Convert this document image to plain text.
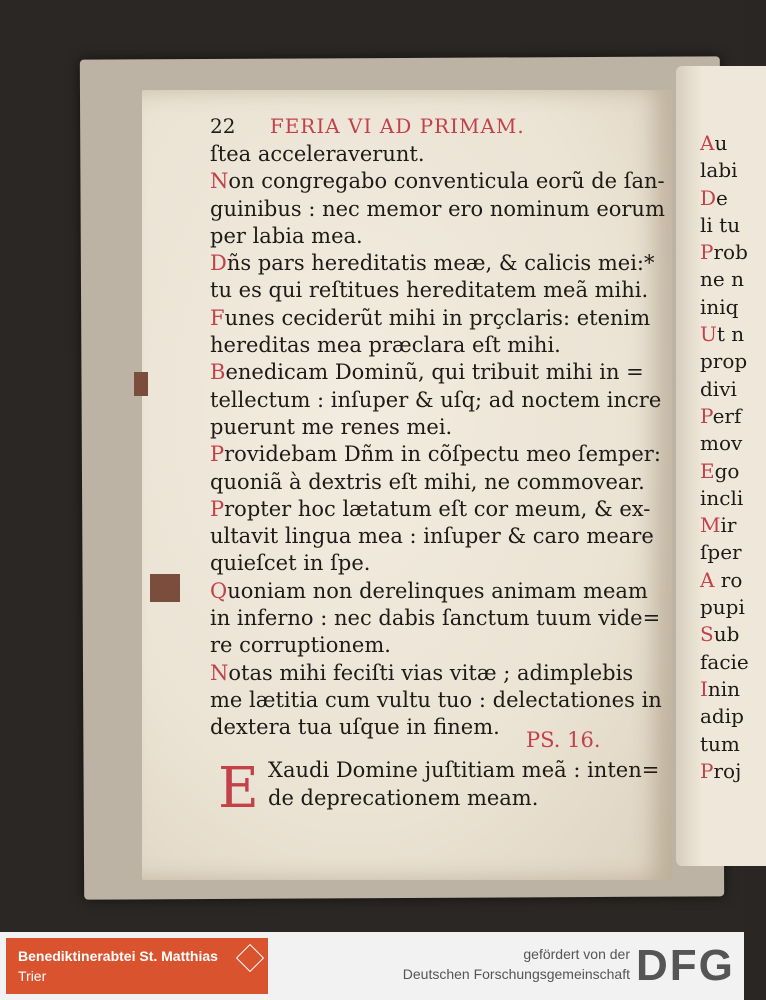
22 FERIA VI AD PRIMAM.
ſtea acceleraverunt.
Non congregabo conventicula eorũ de ſan-
guinibus : nec memor ero nominum eorum
per labia mea.
Dñs pars hereditatis meæ, & calicis mei:*
tu es qui reſtitues hereditatem meã mihi.
Funes ceciderũt mihi in prçclaris: etenim
hereditas mea præclara eſt mihi.
Benedicam Dominũ, qui tribuit mihi in =
tellectum : inſuper & uſq; ad noctem incre
puerunt me renes mei.
Providebam Dñm in cõſpectu meo ſemper:
quoniã à dextris eſt mihi, ne commovear.
Propter hoc lætatum eſt cor meum, & ex-
ultavit lingua mea : inſuper & caro meare
quieſcet in ſpe.
Quoniam non derelinques animam meam
in inferno : nec dabis ſanctum tuum vide=
re corruptionem.
Notas mihi feciſti vias vitæ ; adimplebis
me lætitia cum vultu tuo : delectationes in
dextera tua uſque in finem.
PS. 16.
E Xaudi Domine juſtitiam meã : inten=
de deprecationem meam.
Au
labi
De
li tu
Prob
ne n
iniq
Ut n
prop
divi
Perf
mov
Ego
incli
Mir
ſper
A ro
pupi
Sub
facie
Inin
adip
tum
Proj
Benediktinerabtei St. Matthias
Trier
gefördert von der
Deutschen Forschungsgemeinschaft DFG
